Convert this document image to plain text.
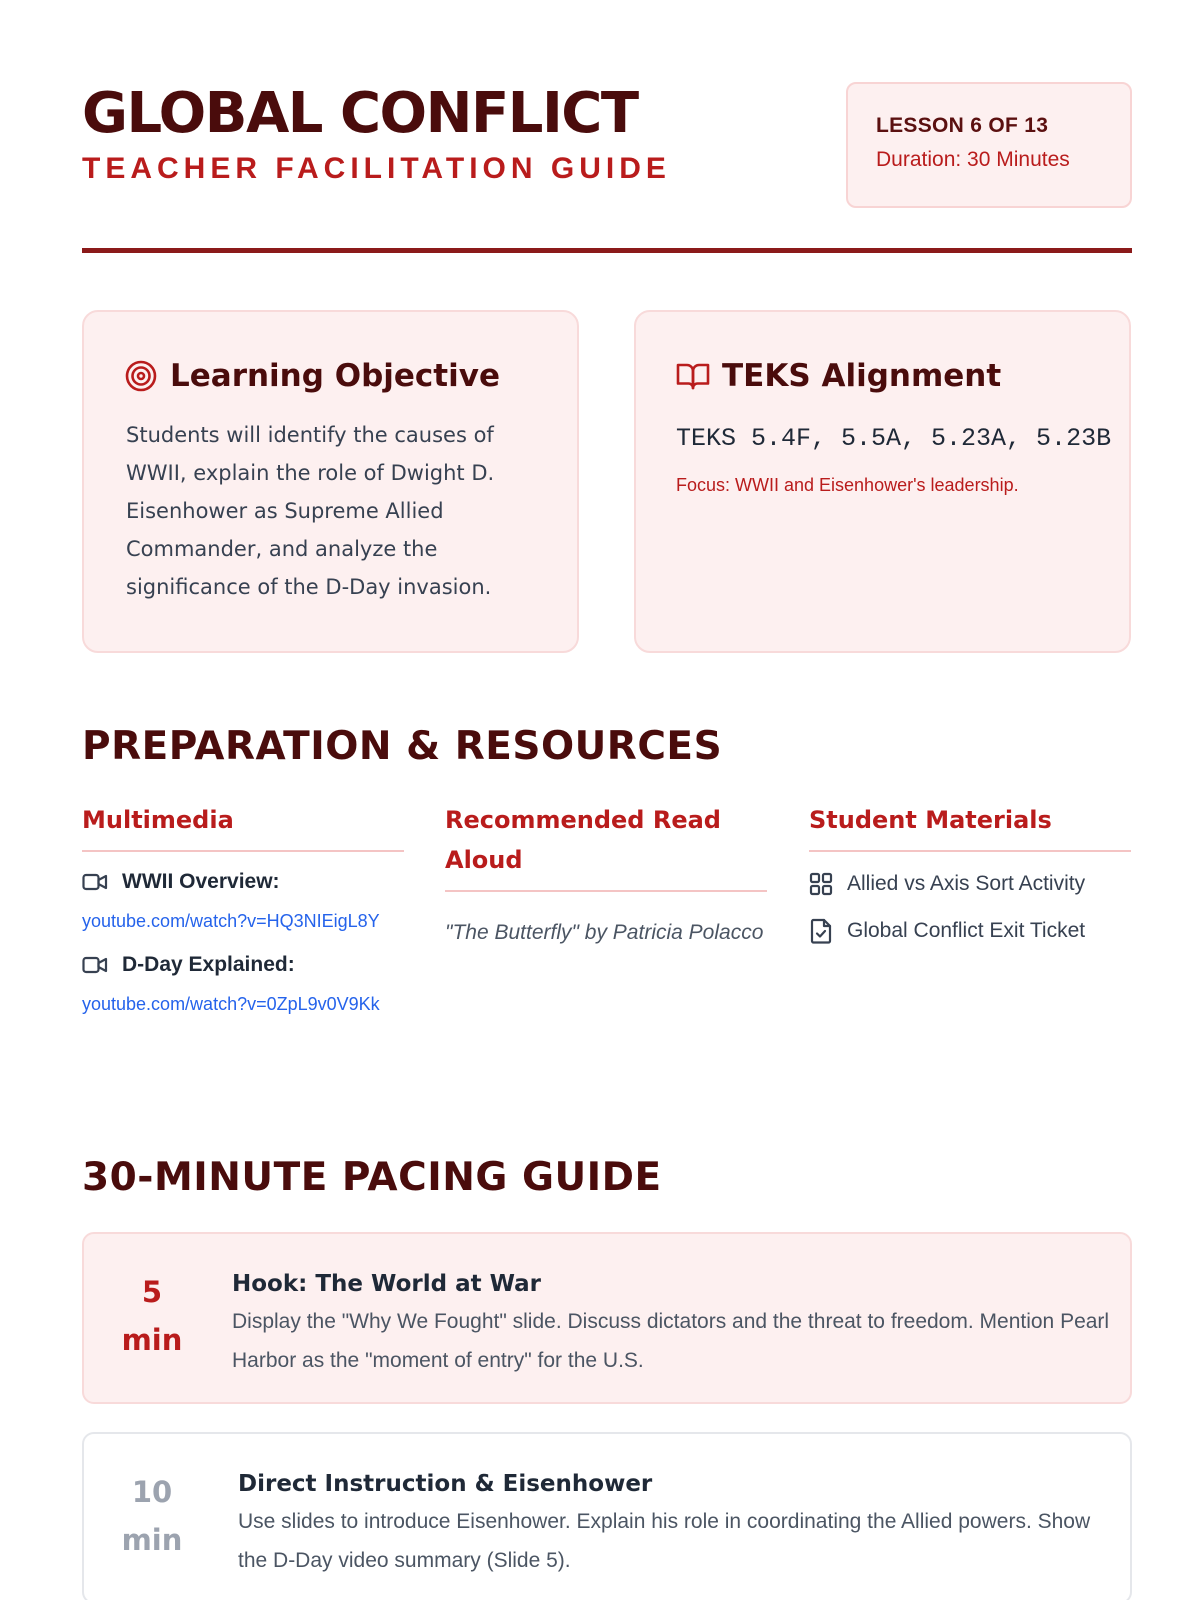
GLOBAL CONFLICT
TEACHER FACILITATION GUIDE
LESSON 6 OF 13
Duration: 30 Minutes
Learning Objective

Students will identify the causes of WWII, explain the role of Dwight D. Eisenhower as Supreme Allied Commander, and analyze the significance of the D-Day invasion.

TEKS Alignment
TEKS 5.4F, 5.5A, 5.23A, 5.23B
Focus: WWII and Eisenhower's leadership.
PREPARATION & RESOURCES
Multimedia
WWII Overview:
youtube.com/watch?v=HQ3NIEigL8Y
D-Day Explained:
youtube.com/watch?v=0ZpL9v0V9Kk
Recommended Read Aloud

"The Butterfly" by Patricia Polacco

Student Materials
Allied vs Axis Sort Activity
Global Conflict Exit Ticket
30-MINUTE PACING GUIDE
5
min
Hook: The World at War

Display the "Why We Fought" slide. Discuss dictators and the threat to freedom. Mention Pearl Harbor as the "moment of entry" for the U.S.

10
min
Direct Instruction & Eisenhower

Use slides to introduce Eisenhower. Explain his role in coordinating the Allied powers. Show the D-Day video summary (Slide 5).
